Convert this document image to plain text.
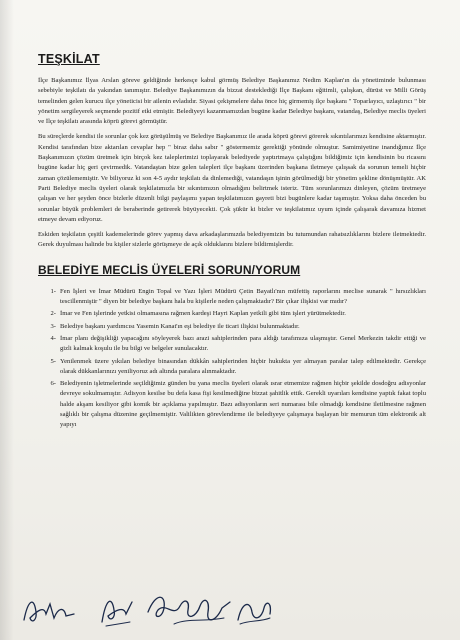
TEŞKİLAT

İlçe Başkanımız İlyas Arslan göreve geldiğinde herkesçe kabul görmüş Belediye Başkanımız Nedim Kaplan'ın da yönetiminde bulunması sebebiyle teşkilatı da yakından tanımıştır. Belediye Başkanımızın da bizzat desteklediği İlçe Başkanı eğitimli, çalışkan, dürüst ve Milli Görüş temelinden gelen kurucu ilçe yöneticisi bir ailenin evladıdır. Siyasi çekişmelere daha önce hiç girmemiş ilçe başkanı " Toparlayıcı, uzlaştırıcı " bir yönetim sergileyerek seçmende pozitif etki etmiştir. Belediyeyi kazanmamızdan bugüne kadar Belediye başkanı, vatandaş, Belediye meclis üyeleri ve İlçe teşkilatı arasında köprü görevi görmüştür.

Bu süreçlerde kendisi ile sorunlar çok kez görüşülmüş ve Belediye Başkanımız ile arada köprü görevi görerek sıkıntılarımızı kendisine aktarmıştır. Kendisi tarafından bize aktarılan cevaplar hep " biraz daha sabır " göstermemiz gerektiği yönünde olmuştur. Samimiyetine inandığımız İlçe Başkanımızın çözüm üretmek için birçok kez taleplerimizi toplayarak belediyede yaptırtmaya çalıştığını bildiğimiz için kendisinin bu ricasını bugüne kadar hiç geri çevirmedik. Vatandaştan bize gelen talepleri ilçe başkanı üzerinden başkana iletmeye çalışsak da sorunun temeli hiçbir zaman çözülememiştir. Ve biliyoruz ki son 4-5 aydır teşkilatı da dinlemediği, vatandaşın işinin görülmediği bir yönetim şekline dönüşmüştür. AK Parti Belediye meclis üyeleri olarak teşkilatımızla bir sıkıntımızın olmadığını belirtmek isteriz. Tüm sorunlarımızı dinleyen, çözüm üretmeye çalışan ve her şeyden önce bizlerle düzenli bilgi paylaşımı yapan teşkilatımızın gayreti bizi bugünlere kadar taşımıştır. Yoksa daha önceden bu sorunlar büyük problemleri de beraberinde getirerek büyüyecekti. Çok şükür ki bizler ve teşkilatımız uyum içinde çalışarak davamıza hizmet etmeye devam ediyoruz.

Eskiden teşkilatın çeşitli kademelerinde görev yapmış dava arkadaşlarımızda belediyemizin bu tutumundan rahatsızlıklarını bizlere iletmektedir. Gerek duyulması halinde bu kişiler sizlerle görüşmeye de açık olduklarını bizlere bildirmişlerdir.

BELEDİYE MECLİS ÜYELERİ SORUN/YORUM
1- Fen İşleri ve İmar Müdürü Engin Topal ve Yazı İşleri Müdürü Çetin Bayatlı'nın müfettiş raporlarını meclise sunarak " hırsızlıkları tescillenmiştir " diyen bir belediye başkanı hala bu kişilerle neden çalışmaktadır? Bir çıkar ilişkisi var mıdır?
2- İmar ve Fen işlerinde yetkisi olmamasına rağmen kardeşi Hayri Kaplan yetkili gibi tüm işleri yürütmektedir.
3- Belediye başkanı yardımcısı Yasemin Kanat'ın eşi belediye ile ticari ilişkisi bulunmaktadır.
4- İmar planı değişikliği yapacağını söyleyerek bazı arazi sahiplerinden para aldığı tarafımıza ulaşmıştır. Genel Merkezin takdir ettiği ve gizli kalmak koşulu ile bu bilgi ve belgeler sunulacaktır.
5- Yenilenmek üzere yıkılan belediye binasından dükkân sahiplerinden hiçbir hukukta yer almayan paralar talep edilmektedir. Gerekçe olarak dükkanlarınızı yeniliyoruz adı altında paralara alınmaktadır.
6- Belediyenin işletmelerinde seçildiğimiz günden bu yana meclis üyeleri olarak ısrar etmemize rağmen hiçbir şekilde dosdoğru adisyonlar devreye sokulmamıştır. Adisyon kesilse bu defa kasa fişi kesilmediğine bizzat şahitlik ettik. Gerekli uyarıları kendisine yaptık fakat toplu halde akşam kesiliyor gibi komik bir açıklama yapılmıştır. Bazı adisyonların seri numarası bile olmadığı kendisine iletilmesine rağmen sağlıklı bir çalışma düzenine geçilmemiştir. Valilikten görevlendirme ile belediyeye çalışmaya başlayan bir memurun tüm elektronik alt yapıyı
